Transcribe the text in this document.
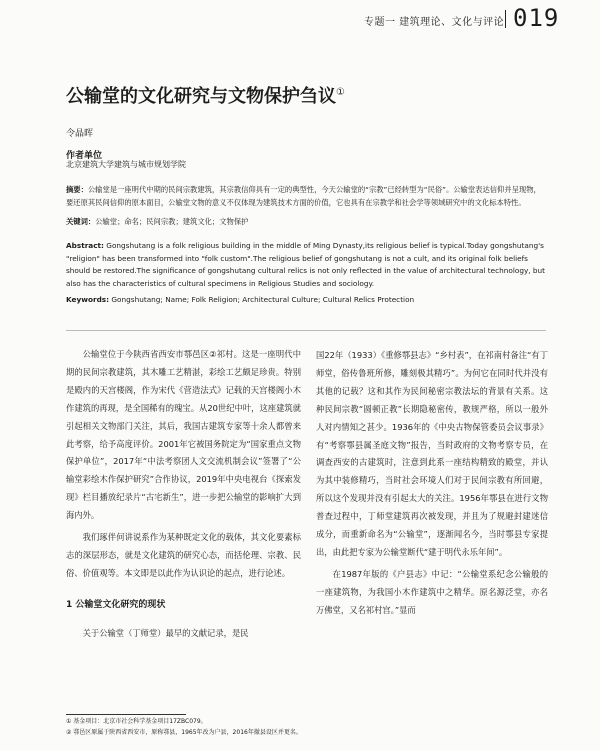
专题一 建筑理论、文化与评论 019
公输堂的文化研究与文物保护刍议①
令晶晖
作者单位
北京建筑大学建筑与城市规划学院
摘要：公输堂是一座明代中期的民间宗教建筑，其宗教信仰具有一定的典型性，今天公输堂的“宗教”已经转型为“民俗”。公输堂表达信仰并呈现物，要还原其民间信仰的原本面目，公输堂文物的意义不仅体现为建筑技术方面的价值，它也具有在宗教学和社会学等领域研究中的文化标本特性。
关键词：公输堂；命名；民间宗教；建筑文化；文物保护
Abstract: Gongshutang is a folk religious building in the middle of Ming Dynasty,its religious belief is typical.Today gongshutang's "religion" has been transformed into "folk custom".The religious belief of gongshutang is not a cult, and its original folk beliefs should be restored.The significance of gongshutang cultural relics is not only reflected in the value of architectural technology, but also has the characteristics of cultural specimens in Religious Studies and sociology.
Keywords: Gongshutang; Name; Folk Religion; Architectural Culture; Cultural Relics Protection

公输堂位于今陕西省西安市鄠邑区②祁村。这是一座明代中期的民间宗教建筑，其木雕工艺精湛，彩绘工艺颇足珍贵。特别是殿内的天宫楼阁，作为宋代《营造法式》记载的天宫楼阁小木作建筑的再现，是全国稀有的瑰宝。从20世纪中叶，这座建筑就引起相关文物部门关注，其后，我国古建筑专家等十余人都曾来此考察，给予高度评价。2001年它被国务院定为“国家重点文物保护单位”，2017年“中法考察团人文交流机制会议”签署了“公输堂彩绘木作保护研究”合作协议，2019年中央电视台《探索发现》栏目播放纪录片“古宅新生”，进一步把公输堂的影响扩大到海内外。

我们琢伴何讲说系作为某种既定文化的载体，其文化要素标志的深层形态，就是文化建筑的研究心态，而括伦理、宗教、民俗、价值观等。本文即是以此作为认识论的起点，进行论述。

1 公输堂文化研究的现状

关于公输堂（丁师堂）最早的文献记录，是民

国22年（1933）《重修鄠县志》“乡村表”，在祁南村备注“有丁师堂，俗传鲁班所修，雕刻极其精巧”。为何它在同时代并没有其他的记载？这和其作为民间秘密宗教法坛的背景有关系。这种民间宗教“圆顿正教”长期隐秘密传，教规严格，所以一般外人对内情知之甚少。1936年的《中央古物保管委员会议事录》有“考察鄠县属圣庭文物”报告，当时政府的文物考察专员，在调查西安的古建筑时，注意到此系一座结构精致的殿堂，并认为其中装修精巧，当时社会环境人们对于民间宗教有所回避，所以这个发现并没有引起太大的关注。1956年鄠县在进行文物普查过程中，丁师堂建筑再次被发现，并且为了规避封建迷信成分，而重新命名为“公输堂”，逐渐闻名今，当时鄠县专家提出，由此把专家为公输堂断代“建于明代永乐年间”。

在1987年版的《户县志》中记：“公输堂系纪念公输般的一座建筑物，为我国小木作建筑中之精华。原名源泛堂，亦名万佛堂，又名祁村宫。”显而

① 基金项目：北京市社会科学基金项目17ZBC079。
② 鄠邑区原属于陕西省西安市，原称鄠县，1965年改为户县，2016年撤县设区并更名。
